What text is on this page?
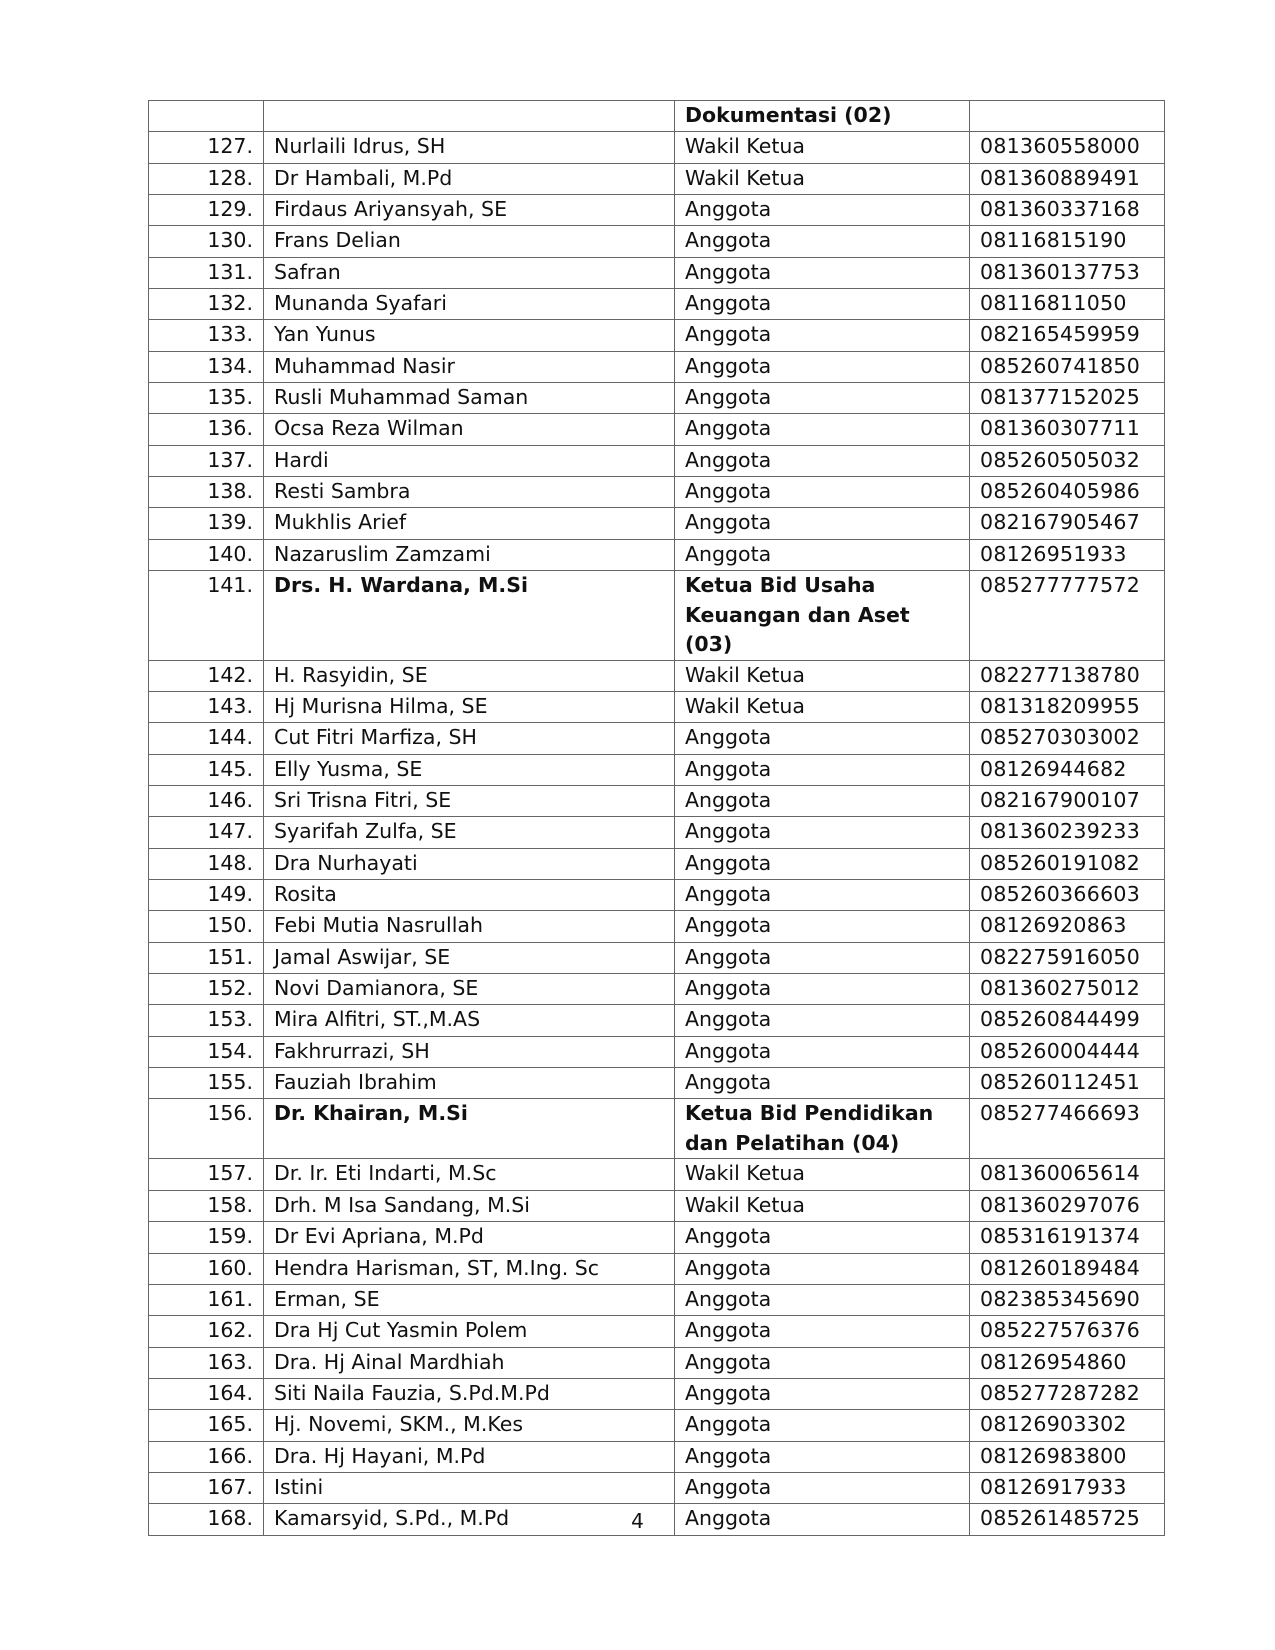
		Dokumentasi (02)	
127.	Nurlaili Idrus, SH	Wakil Ketua	081360558000
128.	Dr Hambali, M.Pd	Wakil Ketua	081360889491
129.	Firdaus Ariyansyah, SE	Anggota	081360337168
130.	Frans Delian	Anggota	08116815190
131.	Safran	Anggota	081360137753
132.	Munanda Syafari	Anggota	08116811050
133.	Yan Yunus	Anggota	082165459959
134.	Muhammad Nasir	Anggota	085260741850
135.	Rusli Muhammad Saman	Anggota	081377152025
136.	Ocsa Reza Wilman	Anggota	081360307711
137.	Hardi	Anggota	085260505032
138.	Resti Sambra	Anggota	085260405986
139.	Mukhlis Arief	Anggota	082167905467
140.	Nazaruslim Zamzami	Anggota	08126951933
141.	Drs. H. Wardana, M.Si	Ketua Bid Usaha Keuangan dan Aset (03)	085277777572
142.	H. Rasyidin, SE	Wakil Ketua	082277138780
143.	Hj Murisna Hilma, SE	Wakil Ketua	081318209955
144.	Cut Fitri Marfiza, SH	Anggota	085270303002
145.	Elly Yusma, SE	Anggota	08126944682
146.	Sri Trisna Fitri, SE	Anggota	082167900107
147.	Syarifah Zulfa, SE	Anggota	081360239233
148.	Dra Nurhayati	Anggota	085260191082
149.	Rosita	Anggota	085260366603
150.	Febi Mutia Nasrullah	Anggota	08126920863
151.	Jamal Aswijar, SE	Anggota	082275916050
152.	Novi Damianora, SE	Anggota	081360275012
153.	Mira Alfitri, ST.,M.AS	Anggota	085260844499
154.	Fakhrurrazi, SH	Anggota	085260004444
155.	Fauziah Ibrahim	Anggota	085260112451
156.	Dr. Khairan, M.Si	Ketua Bid Pendidikan dan Pelatihan (04)	085277466693
157.	Dr. Ir. Eti Indarti, M.Sc	Wakil Ketua	081360065614
158.	Drh. M Isa Sandang, M.Si	Wakil Ketua	081360297076
159.	Dr Evi Apriana, M.Pd	Anggota	085316191374
160.	Hendra Harisman, ST, M.Ing. Sc	Anggota	081260189484
161.	Erman, SE	Anggota	082385345690
162.	Dra Hj Cut Yasmin Polem	Anggota	085227576376
163.	Dra. Hj Ainal Mardhiah	Anggota	08126954860
164.	Siti Naila Fauzia, S.Pd.M.Pd	Anggota	085277287282
165.	Hj. Novemi, SKM., M.Kes	Anggota	08126903302
166.	Dra. Hj Hayani, M.Pd	Anggota	08126983800
167.	Istini	Anggota	08126917933
168.	Kamarsyid, S.Pd., M.Pd	Anggota	085261485725
4
